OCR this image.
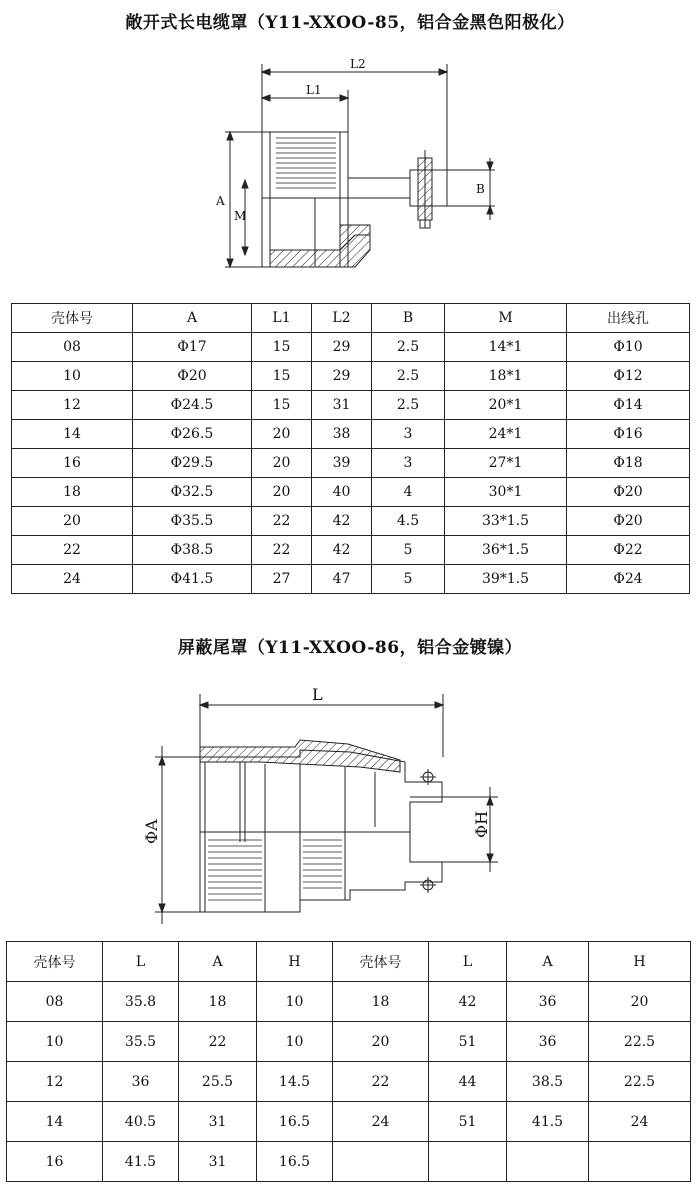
敞开式长电缆罩（Y11-XXOO-85，铝合金黑色阳极化）
L2
L1
A
M
B
壳体号	A	L1	L2	B	M	出线孔
08	Φ17	15	29	2.5	14*1	Φ10
10	Φ20	15	29	2.5	18*1	Φ12
12	Φ24.5	15	31	2.5	20*1	Φ14
14	Φ26.5	20	38	3	24*1	Φ16
16	Φ29.5	20	39	3	27*1	Φ18
18	Φ32.5	20	40	4	30*1	Φ20
20	Φ35.5	22	42	4.5	33*1.5	Φ20
22	Φ38.5	22	42	5	36*1.5	Φ22
24	Φ41.5	27	47	5	39*1.5	Φ24
屏蔽尾罩（Y11-XXOO-86，铝合金镀镍）
L
ΦA	ΦH
壳体号	L	A	H	壳体号	L	A	H
08	35.8	18	10	18	42	36	20
10	35.5	22	10	20	51	36	22.5
12	36	25.5	14.5	22	44	38.5	22.5
14	40.5	31	16.5	24	51	41.5	24
16	41.5	31	16.5				
